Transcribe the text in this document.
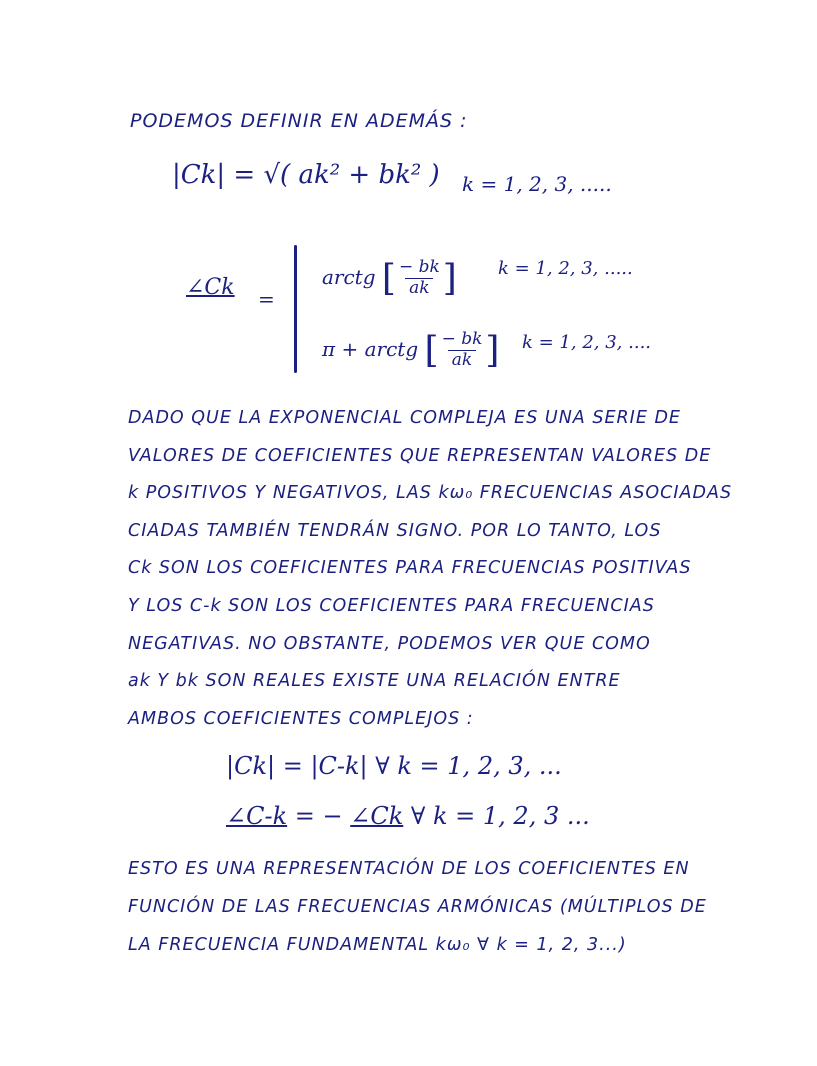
PODEMOS DEFINIR EN ADEMÁS :
|Ck| = √( ak² + bk² ) k = 1, 2, 3, .....
∠Ck =
arctg [ $\frac{- bk}{ak}$ ] k = 1, 2, 3, .....
π + arctg [ $\frac{- bk}{ak}$ ] k = 1, 2, 3, ....
DADO QUE LA EXPONENCIAL COMPLEJA ES UNA SERIE DE
VALORES DE COEFICIENTES QUE REPRESENTAN VALORES DE
k POSITIVOS Y NEGATIVOS, LAS kω₀ FRECUENCIAS ASOCIADAS
CIADAS TAMBIÉN TENDRÁN SIGNO. POR LO TANTO, LOS
Ck SON LOS COEFICIENTES PARA FRECUENCIAS POSITIVAS
Y LOS C-k SON LOS COEFICIENTES PARA FRECUENCIAS
NEGATIVAS. NO OBSTANTE, PODEMOS VER QUE COMO
ak Y bk SON REALES EXISTE UNA RELACIÓN ENTRE
AMBOS COEFICIENTES COMPLEJOS :
|Ck| = |C-k| ∀ k = 1, 2, 3, ...
∠C-k = − ∠Ck ∀ k = 1, 2, 3 ...
ESTO ES UNA REPRESENTACIÓN DE LOS COEFICIENTES EN
FUNCIÓN DE LAS FRECUENCIAS ARMÓNICAS (MÚLTIPLOS DE
LA FRECUENCIA FUNDAMENTAL kω₀ ∀ k = 1, 2, 3...)
